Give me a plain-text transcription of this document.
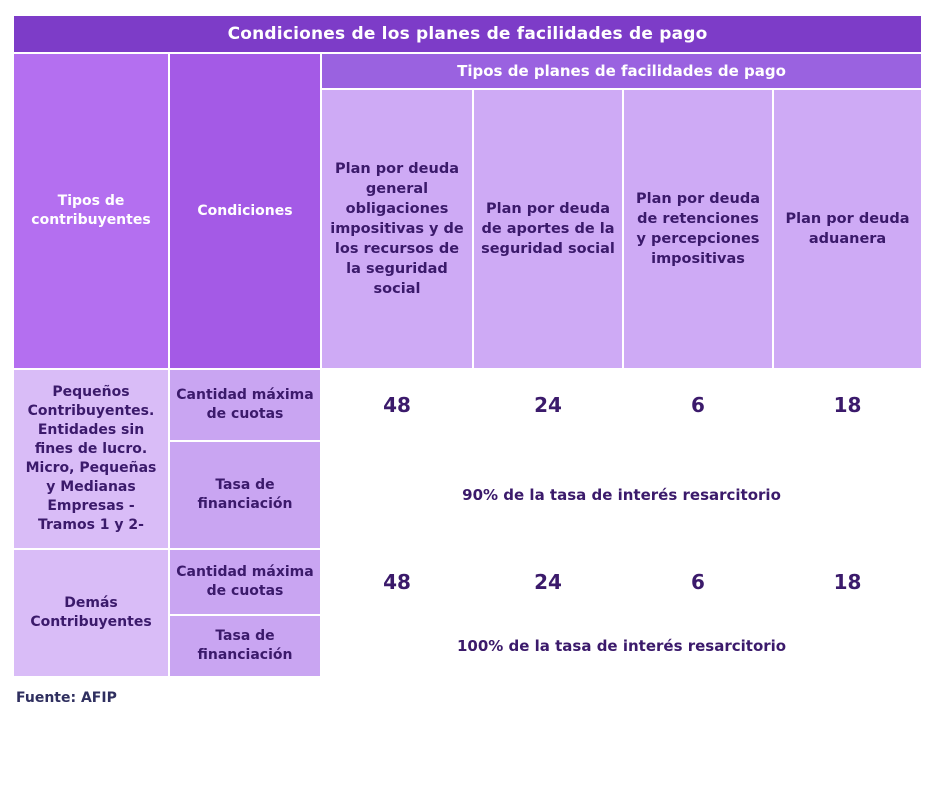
Condiciones de los planes de facilidades de pago					
Tipos de contribuyentes	Condiciones	Tipos de planes de facilidades de pago			
		Plan por deuda general obligaciones impositivas y de los recursos de la seguridad social	Plan por deuda de aportes de la seguridad social	Plan por deuda de retenciones y percepciones impositivas	Plan por deuda aduanera
Pequeños Contribuyentes. Entidades sin fines de lucro. Micro, Pequeñas y Medianas Empresas -Tramos 1 y 2-	Cantidad máxima de cuotas	48	24	6	18
	Tasa de financiación	90% de la tasa de interés resarcitorio			
Demás Contribuyentes	Cantidad máxima de cuotas	48	24	6	18
	Tasa de financiación	100% de la tasa de interés resarcitorio			
Fuente: AFIP
